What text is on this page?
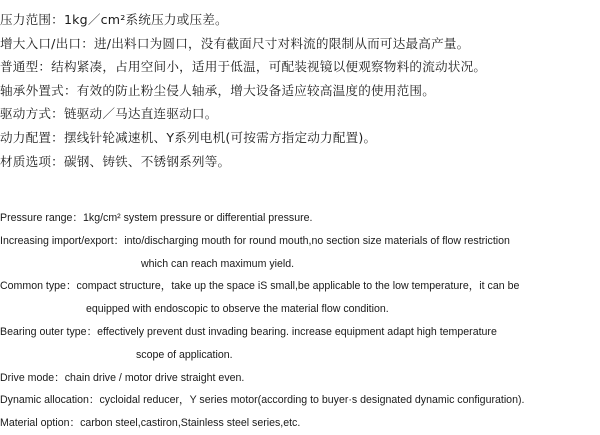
压力范围：1kg／cm²系统压力或压差。
增大入口/出口：进/出料口为圆口，没有截面尺寸对料流的限制从而可达最高产量。
普通型：结构紧凑，占用空间小，适用于低温，可配装视镜以便观察物料的流动状况。
轴承外置式：有效的防止粉尘侵人轴承，增大设备适应较高温度的使用范围。
驱动方式：链驱动／马达直连驱动口。
动力配置：摆线针轮减速机、Y系列电机(可按需方指定动力配置)。
材质选项：碳钢、铸铁、不锈钢系列等。
Pressure range：1kg/cm² system pressure or differential pressure.
Increasing import/export：into/discharging mouth for round mouth,no section size materials of flow restriction
which can reach maximum yield.
Common type：compact structure，take up the space iS small,be applicable to the low temperature，it can be
equipped with endoscopic to observe the material flow condition.
Bearing outer type：effectively prevent dust invading bearing. increase equipment adapt high temperature
scope of application.
Drive mode：chain drive / motor drive straight even.
Dynamic allocation：cycloidal reducer，Y series motor(according to buyer·s designated dynamic configuration).
Material option：carbon steel,castiron,Stainless steel series,etc.
